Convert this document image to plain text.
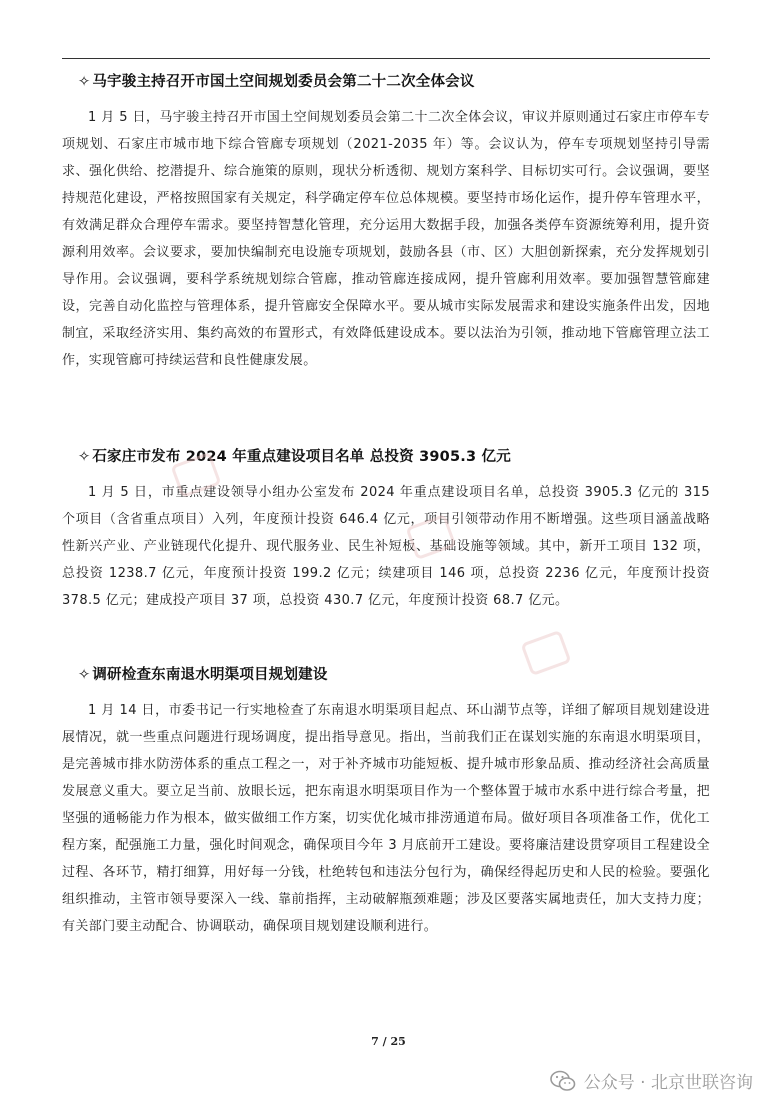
✧ 马宇骏主持召开市国土空间规划委员会第二十二次全体会议

1 月 5 日，马宇骏主持召开市国土空间规划委员会第二十二次全体会议，审议并原则通过石家庄市停车专项规划、石家庄市城市地下综合管廊专项规划（2021-2035 年）等。会议认为，停车专项规划坚持引导需求、强化供给、挖潜提升、综合施策的原则，现状分析透彻、规划方案科学、目标切实可行。会议强调，要坚持规范化建设，严格按照国家有关规定，科学确定停车位总体规模。要坚持市场化运作，提升停车管理水平，有效满足群众合理停车需求。要坚持智慧化管理，充分运用大数据手段，加强各类停车资源统筹利用，提升资源利用效率。会议要求，要加快编制充电设施专项规划，鼓励各县（市、区）大胆创新探索，充分发挥规划引导作用。会议强调，要科学系统规划综合管廊，推动管廊连接成网，提升管廊利用效率。要加强智慧管廊建设，完善自动化监控与管理体系，提升管廊安全保障水平。要从城市实际发展需求和建设实施条件出发，因地制宜，采取经济实用、集约高效的布置形式，有效降低建设成本。要以法治为引领，推动地下管廊管理立法工作，实现管廊可持续运营和良性健康发展。

✧ 石家庄市发布 2024 年重点建设项目名单 总投资 3905.3 亿元

1 月 5 日，市重点建设领导小组办公室发布 2024 年重点建设项目名单，总投资 3905.3 亿元的 315 个项目（含省重点项目）入列，年度预计投资 646.4 亿元，项目引领带动作用不断增强。这些项目涵盖战略性新兴产业、产业链现代化提升、现代服务业、民生补短板、基础设施等领域。其中，新开工项目 132 项，总投资 1238.7 亿元，年度预计投资 199.2 亿元；续建项目 146 项，总投资 2236 亿元，年度预计投资 378.5 亿元；建成投产项目 37 项，总投资 430.7 亿元，年度预计投资 68.7 亿元。

✧ 调研检查东南退水明渠项目规划建设

1 月 14 日，市委书记一行实地检查了东南退水明渠项目起点、环山湖节点等，详细了解项目规划建设进展情况，就一些重点问题进行现场调度，提出指导意见。指出，当前我们正在谋划实施的东南退水明渠项目，是完善城市排水防涝体系的重点工程之一，对于补齐城市功能短板、提升城市形象品质、推动经济社会高质量发展意义重大。要立足当前、放眼长远，把东南退水明渠项目作为一个整体置于城市水系中进行综合考量，把坚强的通畅能力作为根本，做实做细工作方案，切实优化城市排涝通道布局。做好项目各项准备工作，优化工程方案，配强施工力量，强化时间观念，确保项目今年 3 月底前开工建设。要将廉洁建设贯穿项目工程建设全过程、各环节，精打细算，用好每一分钱，杜绝转包和违法分包行为，确保经得起历史和人民的检验。要强化组织推动，主管市领导要深入一线、靠前指挥，主动破解瓶颈难题；涉及区要落实属地责任，加大支持力度；有关部门要主动配合、协调联动，确保项目规划建设顺利进行。

7 / 25
公众号 · 北京世联咨询
